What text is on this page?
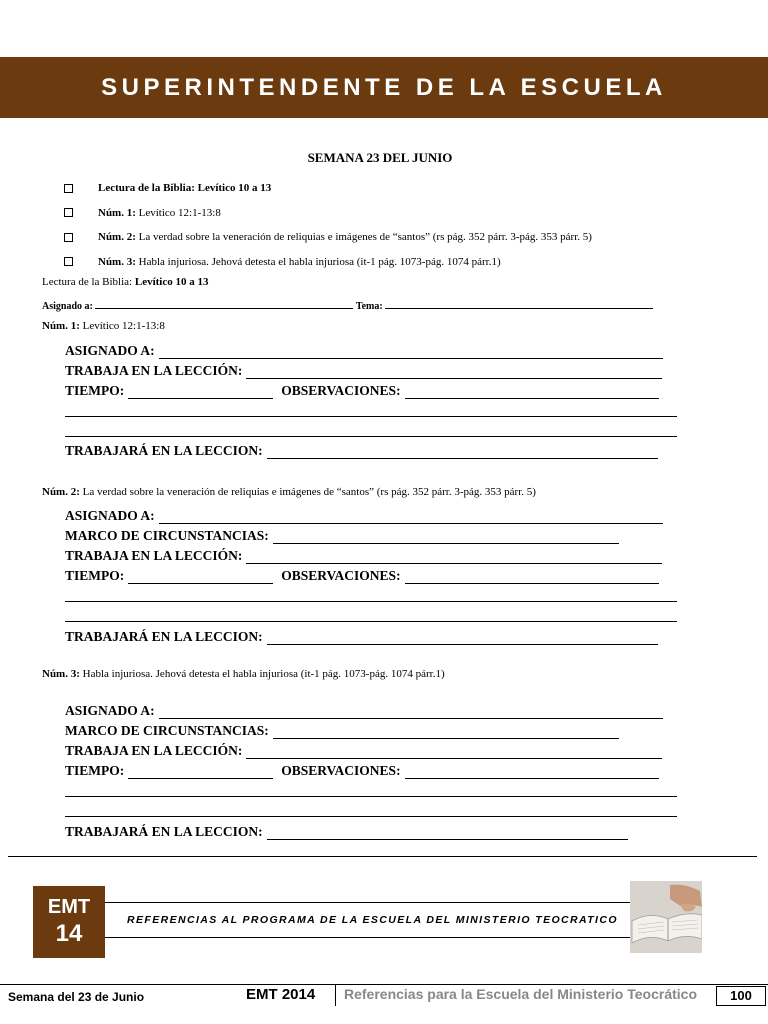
SUPERINTENDENTE DE LA ESCUELA
SEMANA 23 DEL JUNIO
Lectura de la Biblia: Levítico 10 a 13
Núm. 1: Levítico 12:1-13:8
Núm. 2: La verdad sobre la veneración de reliquias e imágenes de “santos” (rs pág. 352 párr. 3-pág. 353 párr. 5)
Núm. 3: Habla injuriosa. Jehová detesta el habla injuriosa (it-1 pág. 1073-pág. 1074 párr.1)
Lectura de la Biblia: Levítico 10 a 13
Asignado a:	Tema:
Núm. 1: Levítico 12:1-13:8
ASIGNADO A:
TRABAJA EN LA LECCIÓN:
TIEMPO:	OBSERVACIONES:
TRABAJARÁ EN LA LECCION:
Núm. 2: La verdad sobre la veneración de reliquias e imágenes de “santos” (rs pág. 352 párr. 3-pág. 353 párr. 5)
ASIGNADO A:
MARCO DE CIRCUNSTANCIAS:
TRABAJA EN LA LECCIÓN:
TIEMPO:	OBSERVACIONES:
TRABAJARÁ EN LA LECCION:
Núm. 3: Habla injuriosa. Jehová detesta el habla injuriosa (it-1 pág. 1073-pág. 1074 párr.1)
ASIGNADO A:
MARCO DE CIRCUNSTANCIAS:
TRABAJA EN LA LECCIÓN:
TIEMPO:	OBSERVACIONES:
TRABAJARÁ EN LA LECCION:
EMT
14	REFERENCIAS AL PROGRAMA DE LA ESCUELA DEL MINISTERIO TEOCRATICO
Semana del 23 de Junio	EMT 2014 Referencias para la Escuela del Ministerio Teocrático	100
